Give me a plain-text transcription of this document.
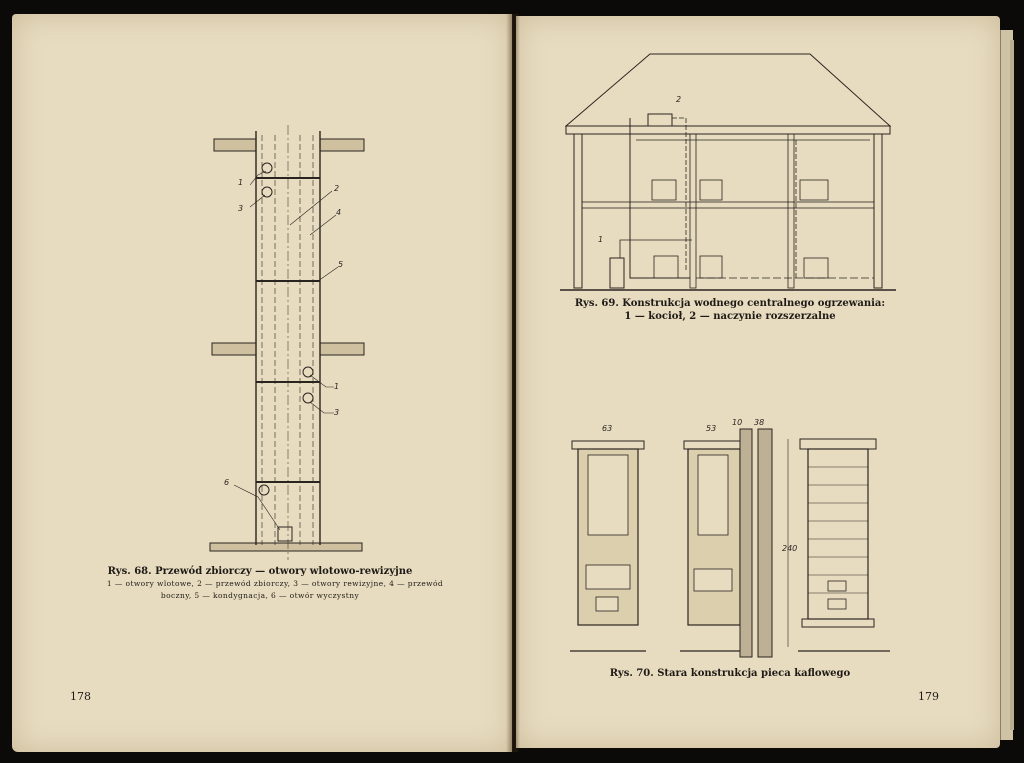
1
3
2
4
5
1
3
6
Rys. 68. Przewód zbiorczy — otwory wlotowo-rewizyjne
1 — otwory wlotowe, 2 — przewód zbiorczy, 3 — otwory rewizyjne, 4 — przewód
boczny, 5 — kondygnacja, 6 — otwór wyczystny
178
2
1
Rys. 69. Konstrukcja wodnego centralnego ogrzewania:
1 — kocioł, 2 — naczynie rozszerzalne
63	53
10 38
240
Rys. 70. Stara konstrukcja pieca kaflowego
179
